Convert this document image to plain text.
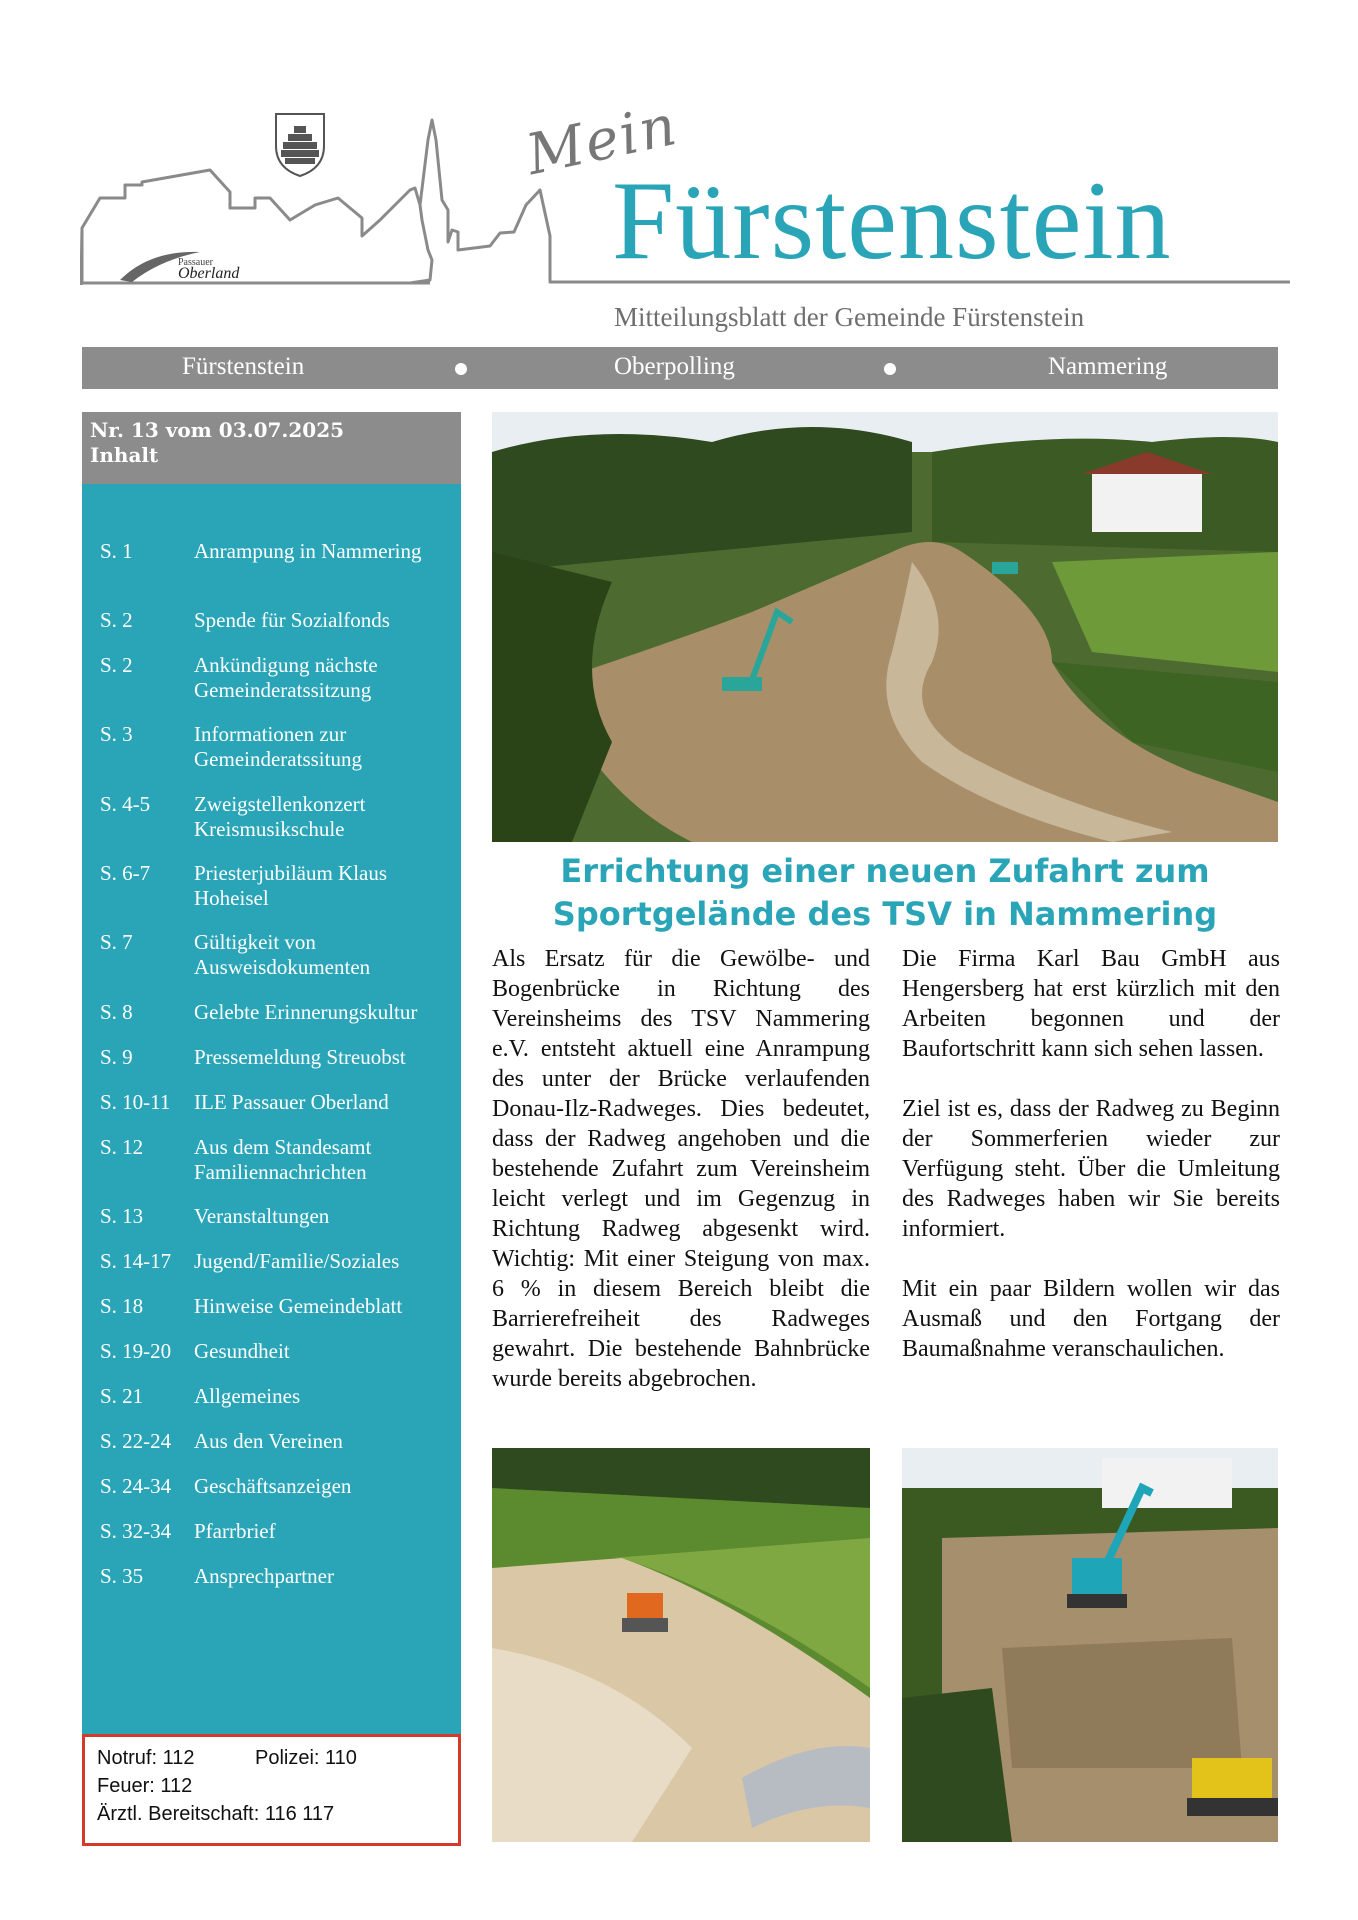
Passauer
Oberland
Mein
Fürstenstein
Mitteilungsblatt der Gemeinde Fürstenstein
Fürstenstein	Oberpolling	Nammering
Nr. 13 vom 03.07.2025
Inhalt
S. 1	Anrampung in Nammering
S. 2	Spende für Sozialfonds
S. 2	Ankündigung nächste Gemeinderatssitzung
S. 3	Informationen zur Gemeinderatssitung
S. 4-5 Zweigstellenkonzert Kreismusikschule
S. 6-7 Priesterjubiläum Klaus Hoheisel
S. 7	Gültigkeit von Ausweisdokumenten
S. 8	Gelebte Erinnerungskultur
S. 9	Pressemeldung Streuobst
S. 10-11 ILE Passauer Oberland
S. 12 Aus dem Standesamt Familiennachrichten
S. 13 Veranstaltungen
S. 14-17 Jugend/Familie/Soziales
S. 18 Hinweise Gemeindeblatt
S. 19-20 Gesundheit
S. 21 Allgemeines
S. 22-24 Aus den Vereinen
S. 24-34 Geschäftsanzeigen
S. 32-34 Pfarrbrief
S. 35 Ansprechpartner
Notruf: 112	Polizei: 110
Feuer: 112
Ärztl. Bereitschaft: 116 117
Errichtung einer neuen Zufahrt zum
Sportgelände des TSV in Nammering

Als Ersatz für die Gewölbe- und Bogenbrücke in Richtung des Vereinsheims des TSV Nammering e.V. entsteht aktuell eine Anrampung des unter der Brücke verlaufenden Donau-Ilz-Radweges. Dies bedeutet, dass der Radweg angehoben und die bestehende Zufahrt zum Vereinsheim leicht verlegt und im Gegenzug in Richtung Radweg abgesenkt wird. Wichtig: Mit einer Steigung von max. 6 % in diesem Bereich bleibt die Barrierefreiheit des Radweges gewahrt. Die bestehende Bahnbrücke wurde bereits abgebrochen.

Die Firma Karl Bau GmbH aus Hengersberg hat erst kürzlich mit den Arbeiten begonnen und der Baufortschritt kann sich sehen lassen.

Ziel ist es, dass der Radweg zu Beginn der Sommerferien wieder zur Verfügung steht. Über die Umleitung des Radweges haben wir Sie bereits informiert.

Mit ein paar Bildern wollen wir das Ausmaß und den Fortgang der Baumaßnahme veranschaulichen.
